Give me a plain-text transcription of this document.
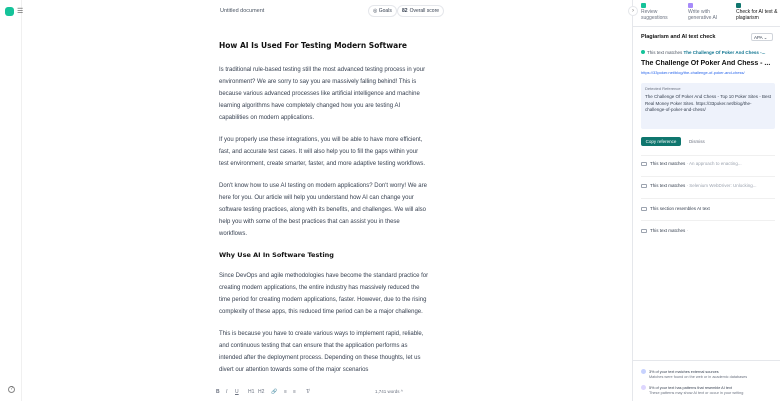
☰
?
Untitled document	◎ Goals	82 Overall score
How AI Is Used For Testing Modern Software

Is traditional rule-based testing still the most advanced testing process in your environment? We are sorry to say you are massively falling behind! This is because various advanced processes like artificial intelligence and machine learning algorithms have completely changed how you are testing AI capabilities on modern applications.

If you properly use these integrations, you will be able to have more efficient, fast, and accurate test cases. It will also help you to fill the gaps within your test environment, create smarter, faster, and more adaptive testing workflows.

Don't know how to use AI testing on modern applications? Don't worry! We are here for you. Our article will help you understand how AI can change your software testing practices, along with its benefits, and challenges. We will also help you with some of the best practices that can assist you in these workflows.

Why Use AI In Software Testing

Since DevOps and agile methodologies have become the standard practice for creating modern applications, the entire industry has massively reduced the time period for creating modern applications, faster. However, due to the rising complexity of these apps, this reduced time period can be a major challenge.

This is because you have to create various ways to implement rapid, reliable, and continuous testing that can ensure that the application performs as intended after the deployment process. Depending on these thoughts, let us divert our attention towards some of the major scenarios

B I U H1 H2 🔗 ≡ ≡ T̸	1,741 words ^
›	Review suggestions
Write with generative AI
Check for AI text & plagiarism
Plagiarism and AI text check	APA ⌄
This text matches The Challenge Of Poker And Chess -...
The Challenge Of Poker And Chess - ...
https://33poker.net/blog/the-challenge-of-poker-and-chess/
Detected Reference
The Challenge Of Poker And Chess - Top 10 Poker Sites - Best Real Money Poker Sites. https://33poker.net/blog/the-challenge-of-poker-and-chess/
Copy reference	Dismiss
This text matches · An approach to enacting...
This text matches · Selenium WebDriver: Unlocking...
This section resembles AI text
This text matches ·
3% of your text matches external sources
Matches were found on the web or in academic databases
5% of your text has patterns that resemble AI text
These patterns may show AI text or occur in your writing
